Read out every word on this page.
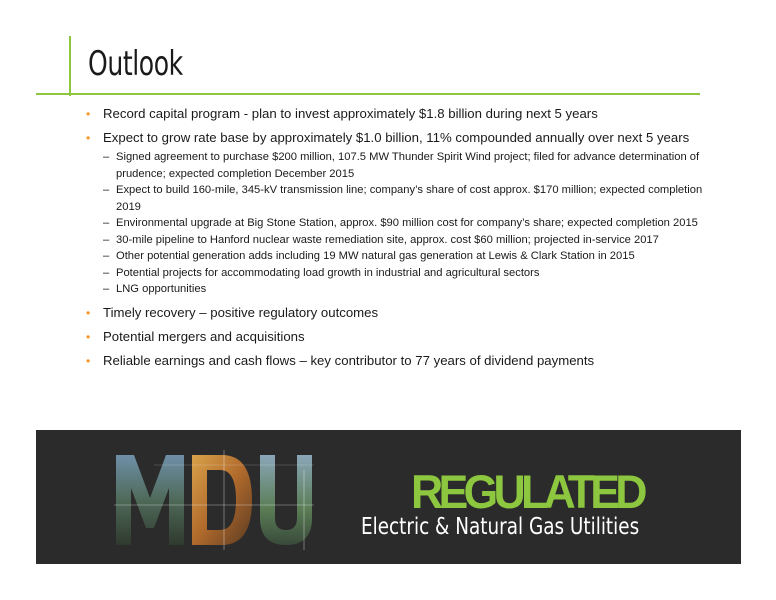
Outlook
• Record capital program - plan to invest approximately $1.8 billion during next 5 years
• Expect to grow rate base by approximately $1.0 billion, 11% compounded annually over next 5 years
– Signed agreement to purchase $200 million, 107.5 MW Thunder Spirit Wind project; filed for advance determination of prudence; expected completion December 2015
– Expect to build 160-mile, 345-kV transmission line; company’s share of cost approx. $170 million; expected completion 2019
– Environmental upgrade at Big Stone Station, approx. $90 million cost for company’s share; expected completion 2015
– 30-mile pipeline to Hanford nuclear waste remediation site, approx. cost $60 million; projected in-service 2017
– Other potential generation adds including 19 MW natural gas generation at Lewis & Clark Station in 2015
– Potential projects for accommodating load growth in industrial and agricultural sectors
– LNG opportunities
• Timely recovery – positive regulatory outcomes
• Potential mergers and acquisitions
• Reliable earnings and cash flows – key contributor to 77 years of dividend payments
REGULATED
Electric & Natural Gas Utilities
